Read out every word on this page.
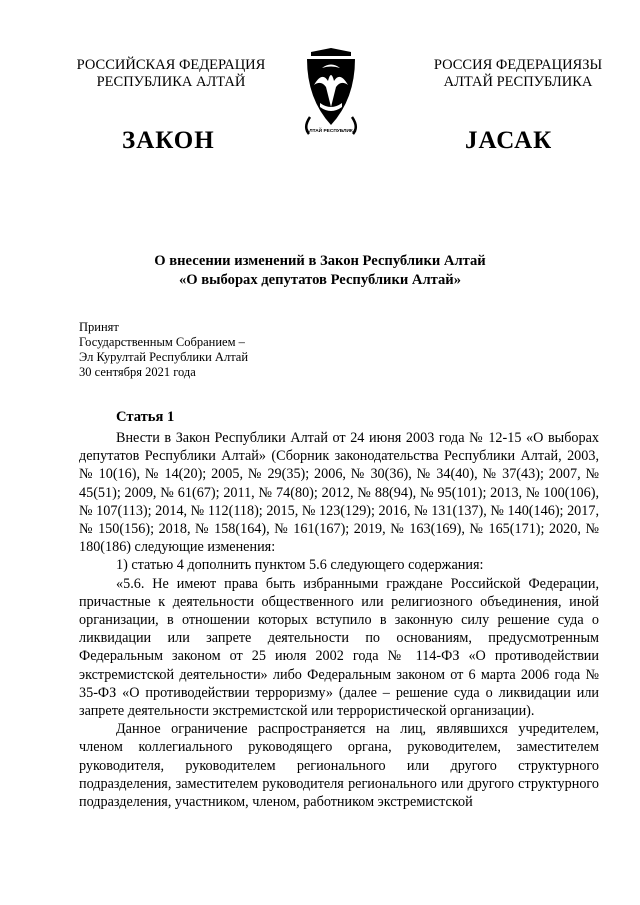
РОССИЙСКАЯ ФЕДЕРАЦИЯ
РЕСПУБЛИКА АЛТАЙ
АЛТАЙ РЕСПУБЛИКА
РОССИЯ ФЕДЕРАЦИЯЗЫ
АЛТАЙ РЕСПУБЛИКА
ЗАКОН	JАСАК
О внесении изменений в Закон Республики Алтай
«О выборах депутатов Республики Алтай»
Принят
Государственным Собранием –
Эл Курултай Республики Алтай
30 сентября 2021 года
Статья 1

Внести в Закон Республики Алтай от 24 июня 2003 года № 12-15 «О выборах депутатов Республики Алтай» (Сборник законодательства Республики Алтай, 2003, № 10(16), № 14(20); 2005, № 29(35); 2006, № 30(36), № 34(40), № 37(43); 2007, № 45(51); 2009, № 61(67); 2011, № 74(80); 2012, № 88(94), № 95(101); 2013, № 100(106), № 107(113); 2014, № 112(118); 2015, № 123(129); 2016, № 131(137), № 140(146); 2017, № 150(156); 2018, № 158(164), № 161(167); 2019, № 163(169), № 165(171); 2020, № 180(186) следующие изменения:

1) статью 4 дополнить пунктом 5.6 следующего содержания:

«5.6. Не имеют права быть избранными граждане Российской Федерации, причастные к деятельности общественного или религиозного объединения, иной организации, в отношении которых вступило в законную силу решение суда о ликвидации или запрете деятельности по основаниям, предусмотренным Федеральным законом от 25 июля 2002 года № 114-ФЗ «О противодействии экстремистской деятельности» либо Федеральным законом от 6 марта 2006 года № 35-ФЗ «О противодействии терроризму» (далее – решение суда о ликвидации или запрете деятельности экстремистской или террористической организации).

Данное ограничение распространяется на лиц, являвшихся учредителем, членом коллегиального руководящего органа, руководителем, заместителем руководителя, руководителем регионального или другого структурного подразделения, заместителем руководителя регионального или другого структурного подразделения, участником, членом, работником экстремистской
